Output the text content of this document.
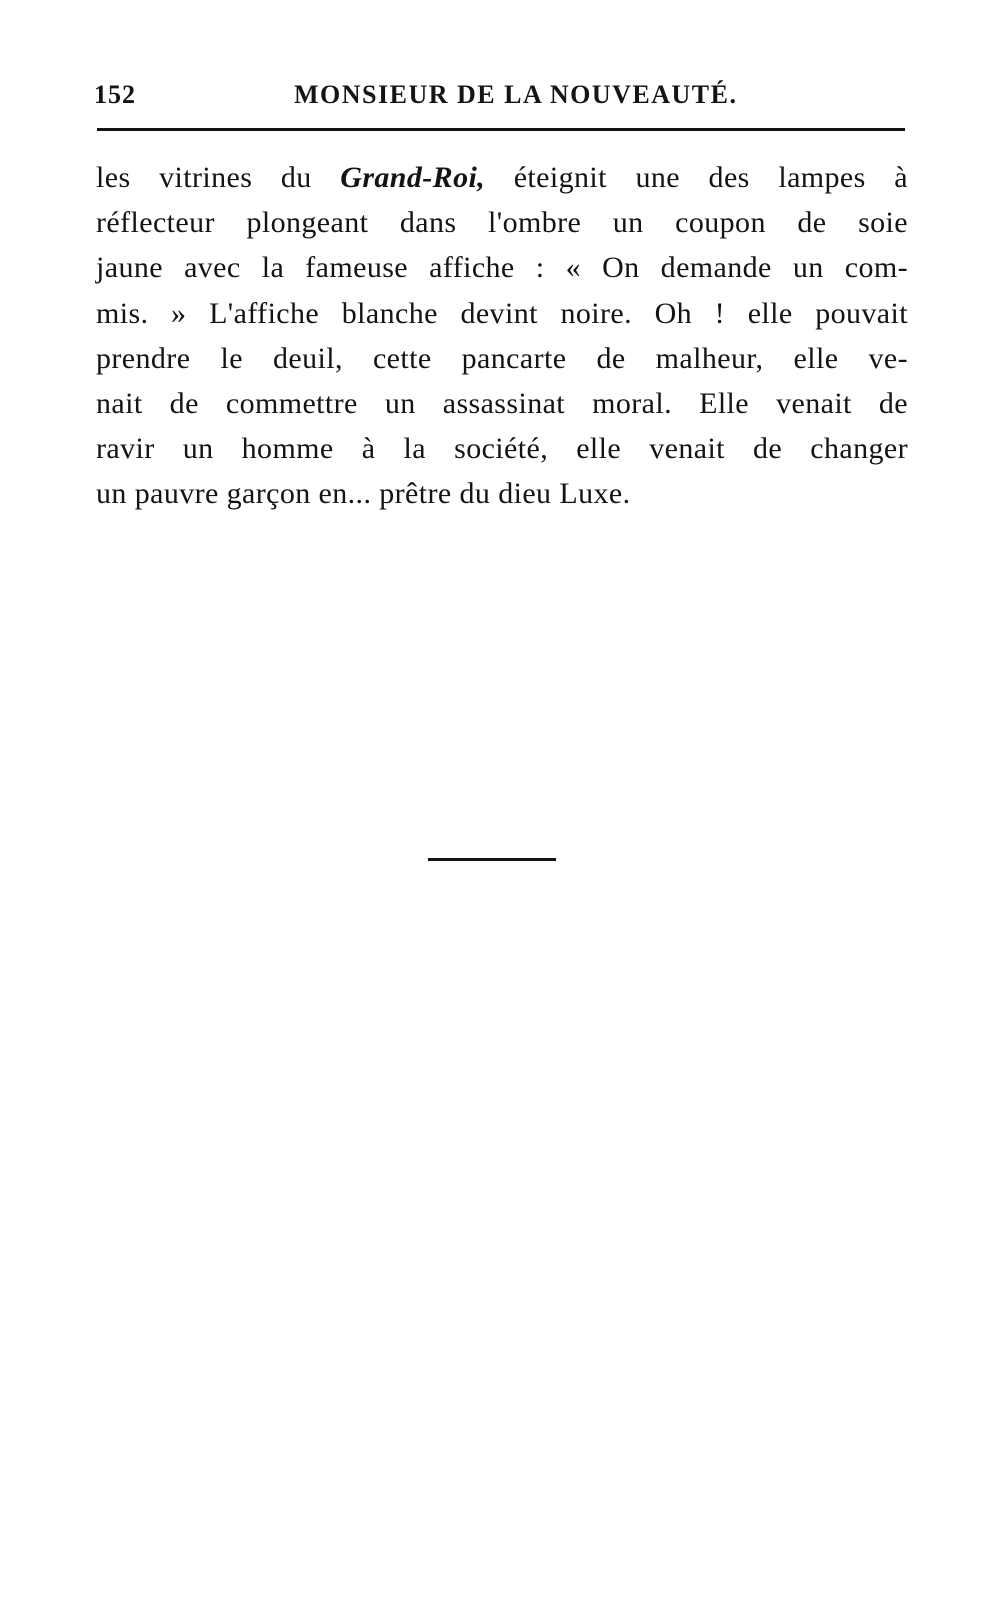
152	MONSIEUR DE LA NOUVEAUTÉ.
les vitrines du Grand-Roi, éteignit une des lampes à
réflecteur plongeant dans l'ombre un coupon de soie
jaune avec la fameuse affiche : « On demande un com-
mis. » L'affiche blanche devint noire. Oh ! elle pouvait
prendre le deuil, cette pancarte de malheur, elle ve-
nait de commettre un assassinat moral. Elle venait de
ravir un homme à la société, elle venait de changer
un pauvre garçon en... prêtre du dieu Luxe.
